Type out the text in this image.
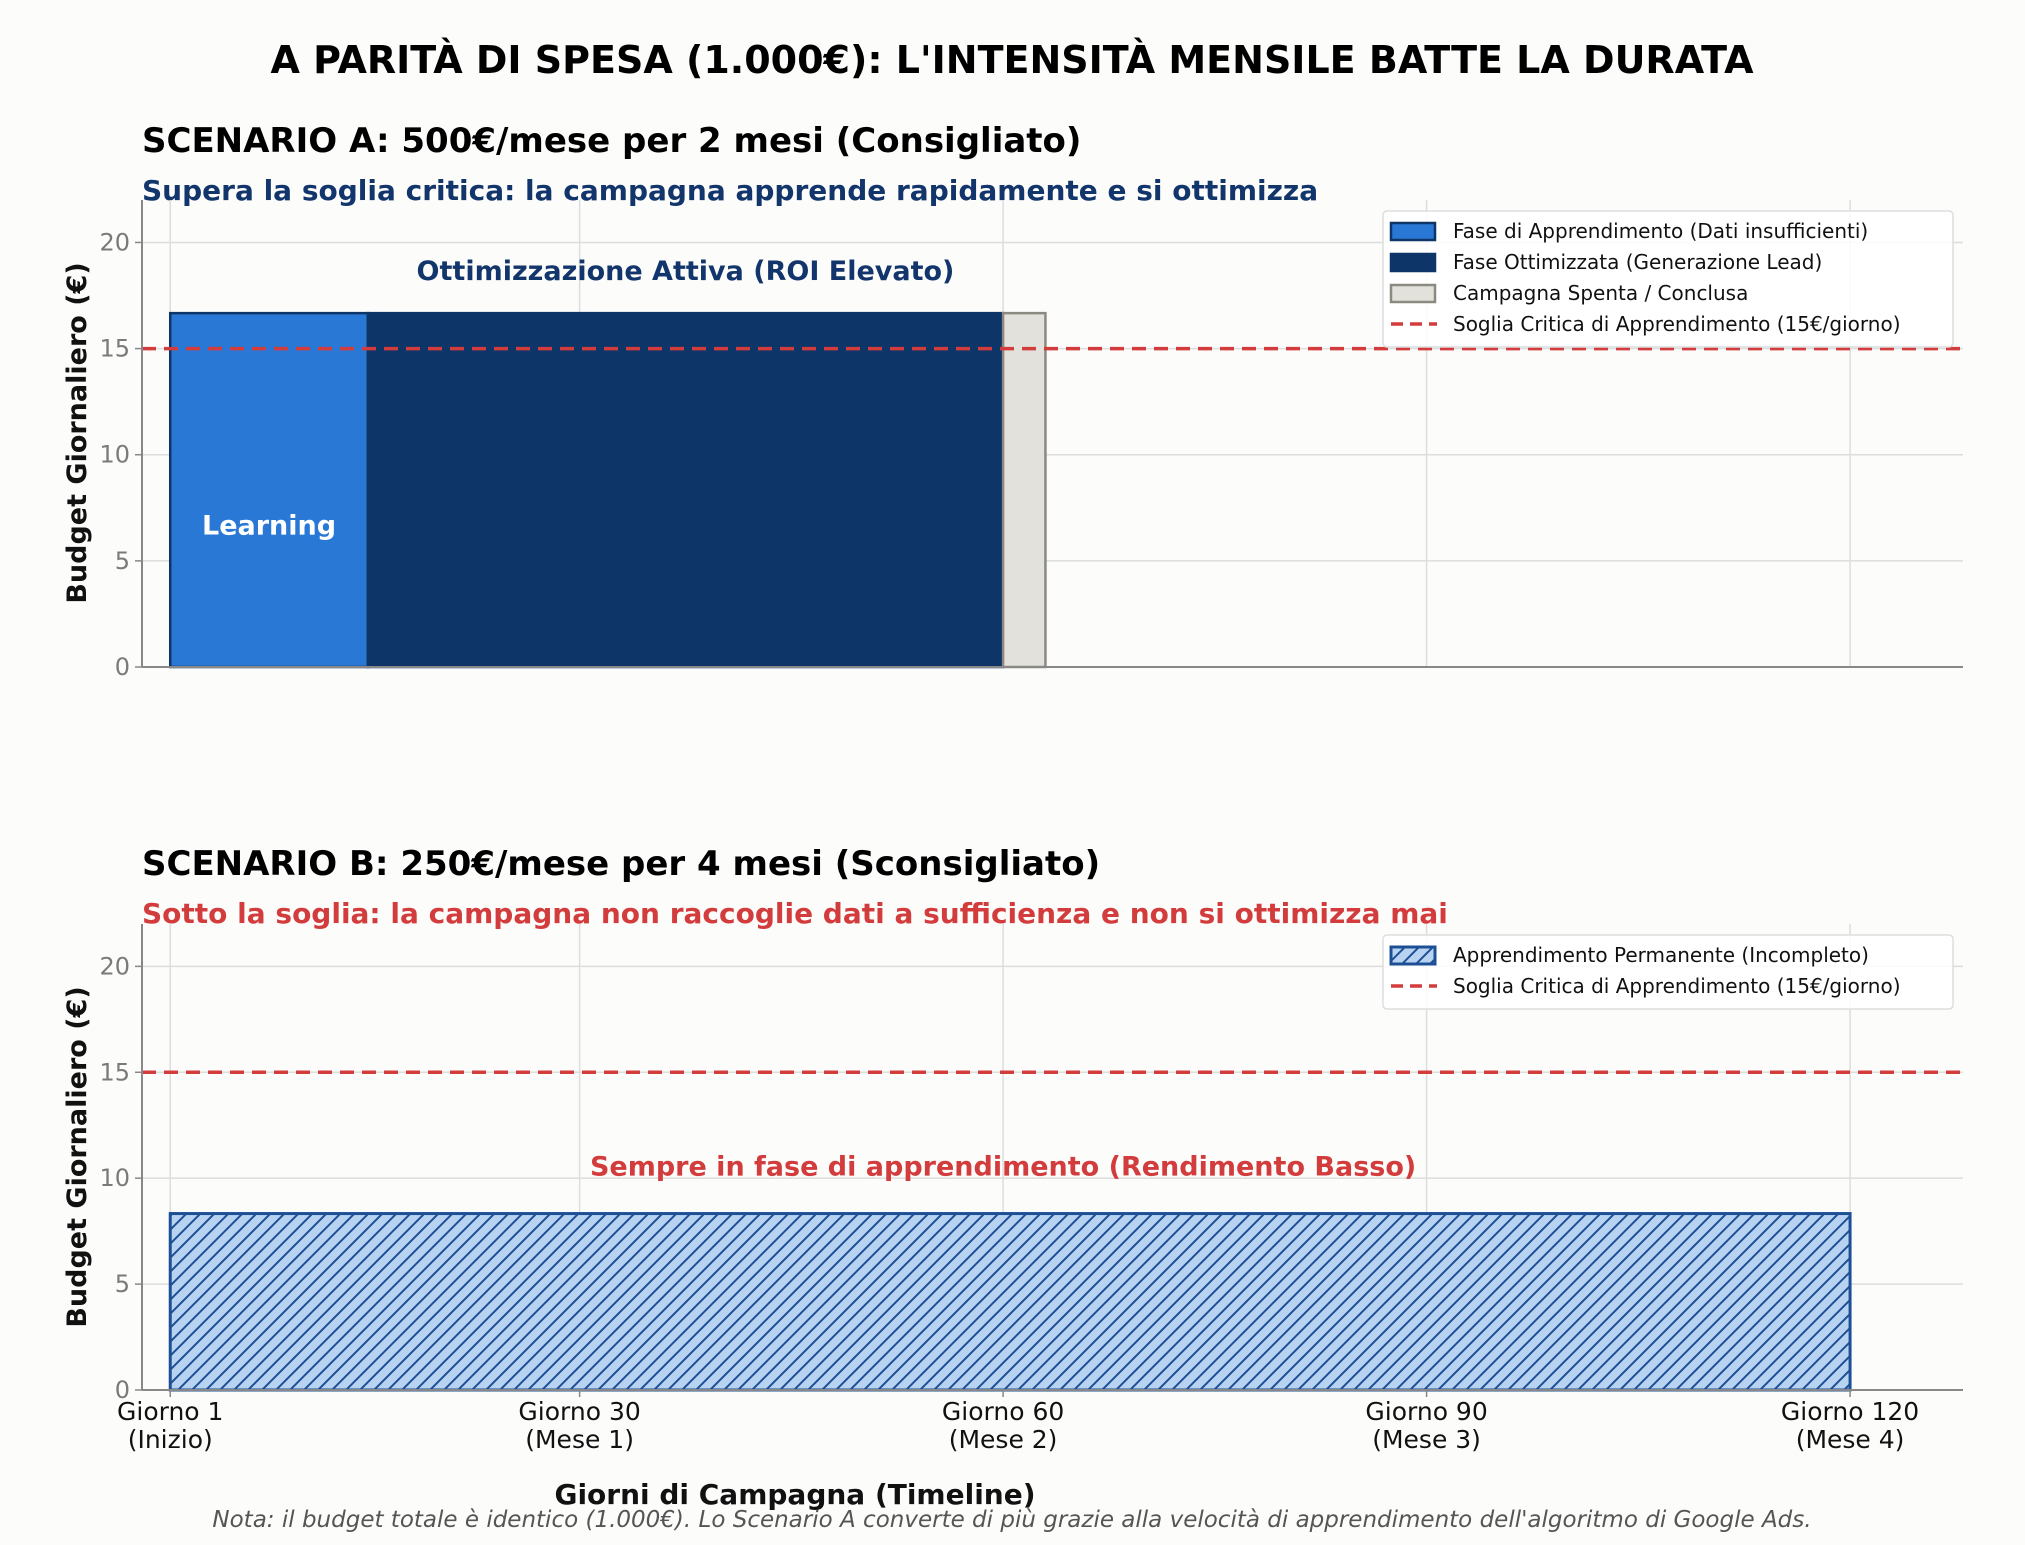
A PARITÀ DI SPESA (1.000€): L'INTENSITÀ MENSILE BATTE LA DURATA
SCENARIO A: 500€/mese per 2 mesi (Consigliato)
Supera la soglia critica: la campagna apprende rapidamente e si ottimizza
0
5
10
15
20
Budget Giornaliero (€)	Ottimizzazione Attiva (ROI Elevato)
Learning
Fase di Apprendimento (Dati insufficienti)
Fase Ottimizzata (Generazione Lead)
Campagna Spenta / Conclusa
Soglia Critica di Apprendimento (15€/giorno)
SCENARIO B: 250€/mese per 4 mesi (Sconsigliato)
Sotto la soglia: la campagna non raccoglie dati a sufficienza e non si ottimizza mai
0
5
10
15
20
Budget Giornaliero (€)	Sempre in fase di apprendimento (Rendimento Basso)
Apprendimento Permanente (Incompleto)
Soglia Critica di Apprendimento (15€/giorno)
Giorno 1
(Inizio)
Giorno 30
(Mese 1)
Giorno 60
(Mese 2)
Giorno 90
(Mese 3)
Giorno 120
(Mese 4)
Giorni di Campagna (Timeline)
Nota: il budget totale è identico (1.000€). Lo Scenario A converte di più grazie alla velocità di apprendimento dell'algoritmo di Google Ads.
